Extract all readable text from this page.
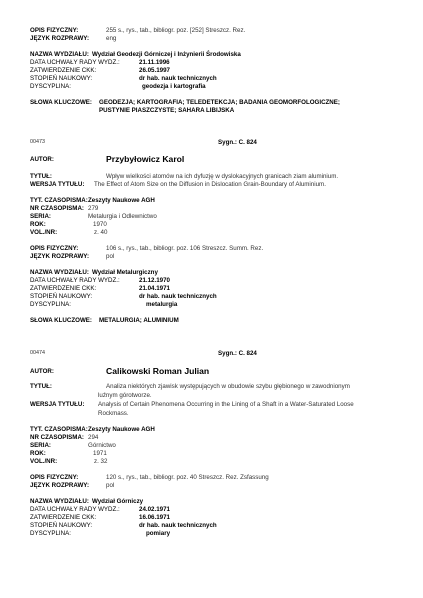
OPIS FIZYCZNY:	255 s., rys., tab., bibliogr. poz. [252] Streszcz. Rez.
JĘZYK ROZPRAWY:	eng
NAZWA WYDZIAŁU: Wydział Geodezji Górniczej i Inżynierii Środowiska
DATA UCHWAŁY RADY WYDZ.:	21.11.1996
ZATWIERDZENIE CKK:	26.05.1997
STOPIEŃ NAUKOWY:	dr hab. nauk technicznych
DYSCYPLINA:	geodezja i kartografia
SŁOWA KLUCZOWE: GEODEZJA; KARTOGRAFIA; TELEDETEKCJA; BADANIA GEOMORFOLOGICZNE;
PUSTYNIE PIASZCZYSTE; SAHARA LIBIJSKA
00473	Sygn.: C. 824
AUTOR:	Przybyłowicz Karol
TYTUŁ:	Wpływ wielkości atomów na ich dyfuzję w dyslokacyjnych granicach ziam aluminium.
WERSJA TYTUŁU: The Effect of Atom Size on the Diffusion in Dislocation Grain-Boundary of Aluminium.
TYT. CZASOPISMA: Zeszyty Naukowe AGH
NR CZASOPISMA: 279
SERIA:	Metalurgia i Odlewnictwo
ROK:	1970
VOL./NR:	z. 40
OPIS FIZYCZNY:	106 s., rys., tab., bibliogr. poz. 106 Streszcz. Summ. Rez.
JĘZYK ROZPRAWY:	pol
NAZWA WYDZIAŁU: Wydział Metalurgiczny
DATA UCHWAŁY RADY WYDZ.:	21.12.1970
ZATWIERDZENIE CKK:	21.04.1971
STOPIEŃ NAUKOWY:	dr hab. nauk technicznych
DYSCYPLINA:	metalurgia
SŁOWA KLUCZOWE: METALURGIA; ALUMINIUM
00474	Sygn.: C. 824
AUTOR:	Calikowski Roman Julian
TYTUŁ:	Analiza niektórych zjawisk występujących w obudowie szybu głębionego w zawodnionym
luźnym górotworze.
WERSJA TYTUŁU: Analysis of Certain Phenomena Occurring in the Lining of a Shaft in a Water-Saturated Loose
Rockmass.
TYT. CZASOPISMA: Zeszyty Naukowe AGH
NR CZASOPISMA: 294
SERIA:	Górnictwo
ROK:	1971
VOL./NR:	z. 32
OPIS FIZYCZNY:	120 s., rys., tab., bibliogr. poz. 40 Streszcz. Rez. Zsfassung
JĘZYK ROZPRAWY:	pol
NAZWA WYDZIAŁU: Wydział Górniczy
DATA UCHWAŁY RADY WYDZ.:	24.02.1971
ZATWIERDZENIE CKK:	16.06.1971
STOPIEŃ NAUKOWY:	dr hab. nauk technicznych
DYSCYPLINA:	pomiary
